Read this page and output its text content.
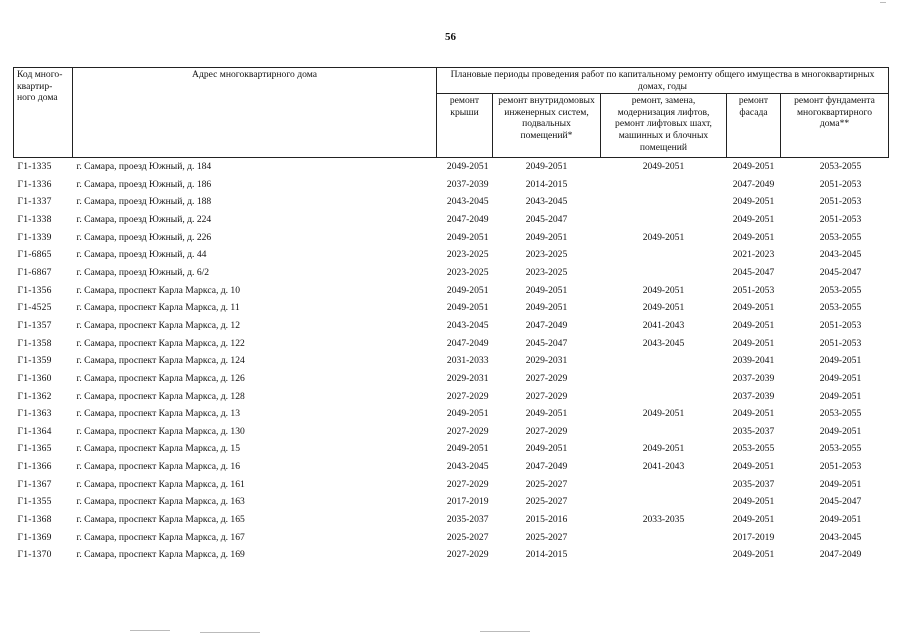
56
Код много-квартир-ного дома	Адрес многоквартирного дома	Плановые периоды проведения работ по капитальному ремонту общего имущества в многоквартирных домах, годы				
		ремонт крыши	ремонт внутридомовых инженерных систем, подвальных помещений*	ремонт, замена, модернизация лифтов, ремонт лифтовых шахт, машинных и блочных помещений	ремонт фасада	ремонт фундамента многоквартирного дома**
Г1-1335	г. Самара, проезд Южный, д. 184	2049-2051	2049-2051	2049-2051	2049-2051	2053-2055
Г1-1336	г. Самара, проезд Южный, д. 186	2037-2039	2014-2015		2047-2049	2051-2053
Г1-1337	г. Самара, проезд Южный, д. 188	2043-2045	2043-2045		2049-2051	2051-2053
Г1-1338	г. Самара, проезд Южный, д. 224	2047-2049	2045-2047		2049-2051	2051-2053
Г1-1339	г. Самара, проезд Южный, д. 226	2049-2051	2049-2051	2049-2051	2049-2051	2053-2055
Г1-6865	г. Самара, проезд Южный, д. 44	2023-2025	2023-2025		2021-2023	2043-2045
Г1-6867	г. Самара, проезд Южный, д. 6/2	2023-2025	2023-2025		2045-2047	2045-2047
Г1-1356	г. Самара, проспект Карла Маркса, д. 10	2049-2051	2049-2051	2049-2051	2051-2053	2053-2055
Г1-4525	г. Самара, проспект Карла Маркса, д. 11	2049-2051	2049-2051	2049-2051	2049-2051	2053-2055
Г1-1357	г. Самара, проспект Карла Маркса, д. 12	2043-2045	2047-2049	2041-2043	2049-2051	2051-2053
Г1-1358	г. Самара, проспект Карла Маркса, д. 122	2047-2049	2045-2047	2043-2045	2049-2051	2051-2053
Г1-1359	г. Самара, проспект Карла Маркса, д. 124	2031-2033	2029-2031		2039-2041	2049-2051
Г1-1360	г. Самара, проспект Карла Маркса, д. 126	2029-2031	2027-2029		2037-2039	2049-2051
Г1-1362	г. Самара, проспект Карла Маркса, д. 128	2027-2029	2027-2029		2037-2039	2049-2051
Г1-1363	г. Самара, проспект Карла Маркса, д. 13	2049-2051	2049-2051	2049-2051	2049-2051	2053-2055
Г1-1364	г. Самара, проспект Карла Маркса, д. 130	2027-2029	2027-2029		2035-2037	2049-2051
Г1-1365	г. Самара, проспект Карла Маркса, д. 15	2049-2051	2049-2051	2049-2051	2053-2055	2053-2055
Г1-1366	г. Самара, проспект Карла Маркса, д. 16	2043-2045	2047-2049	2041-2043	2049-2051	2051-2053
Г1-1367	г. Самара, проспект Карла Маркса, д. 161	2027-2029	2025-2027		2035-2037	2049-2051
Г1-1355	г. Самара, проспект Карла Маркса, д. 163	2017-2019	2025-2027		2049-2051	2045-2047
Г1-1368	г. Самара, проспект Карла Маркса, д. 165	2035-2037	2015-2016	2033-2035	2049-2051	2049-2051
Г1-1369	г. Самара, проспект Карла Маркса, д. 167	2025-2027	2025-2027		2017-2019	2043-2045
Г1-1370	г. Самара, проспект Карла Маркса, д. 169	2027-2029	2014-2015		2049-2051	2047-2049
